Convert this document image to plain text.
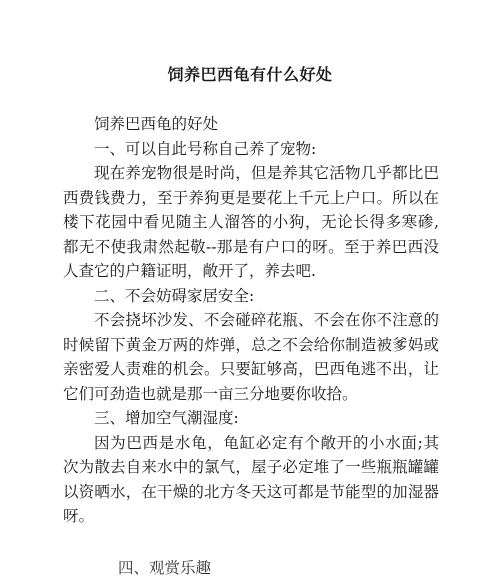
饲养巴西龟有什么好处

饲养巴西龟的好处

一、可以自此号称自己养了宠物:

现在养宠物很是时尚，但是养其它活物几乎都比巴西费钱费力，至于养狗更是要花上千元上户口。所以在楼下花园中看见随主人溜答的小狗，无论长得多寒碜,都无不使我肃然起敬--那是有户口的呀。至于养巴西没人查它的户籍证明，敞开了，养去吧.

二、不会妨碍家居安全:

不会挠坏沙发、不会碰碎花瓶、不会在你不注意的时候留下黄金万两的炸弹，总之不会给你制造被爹妈或亲密爱人责难的机会。只要缸够高，巴西龟逃不出，让它们可劲造也就是那一亩三分地要你收拾。

三、增加空气潮湿度:

因为巴西是水龟，龟缸必定有个敞开的小水面;其次为散去自来水中的氯气，屋子必定堆了一些瓶瓶罐罐以资晒水，在干燥的北方冬天这可都是节能型的加湿器呀。

四、观赏乐趣
